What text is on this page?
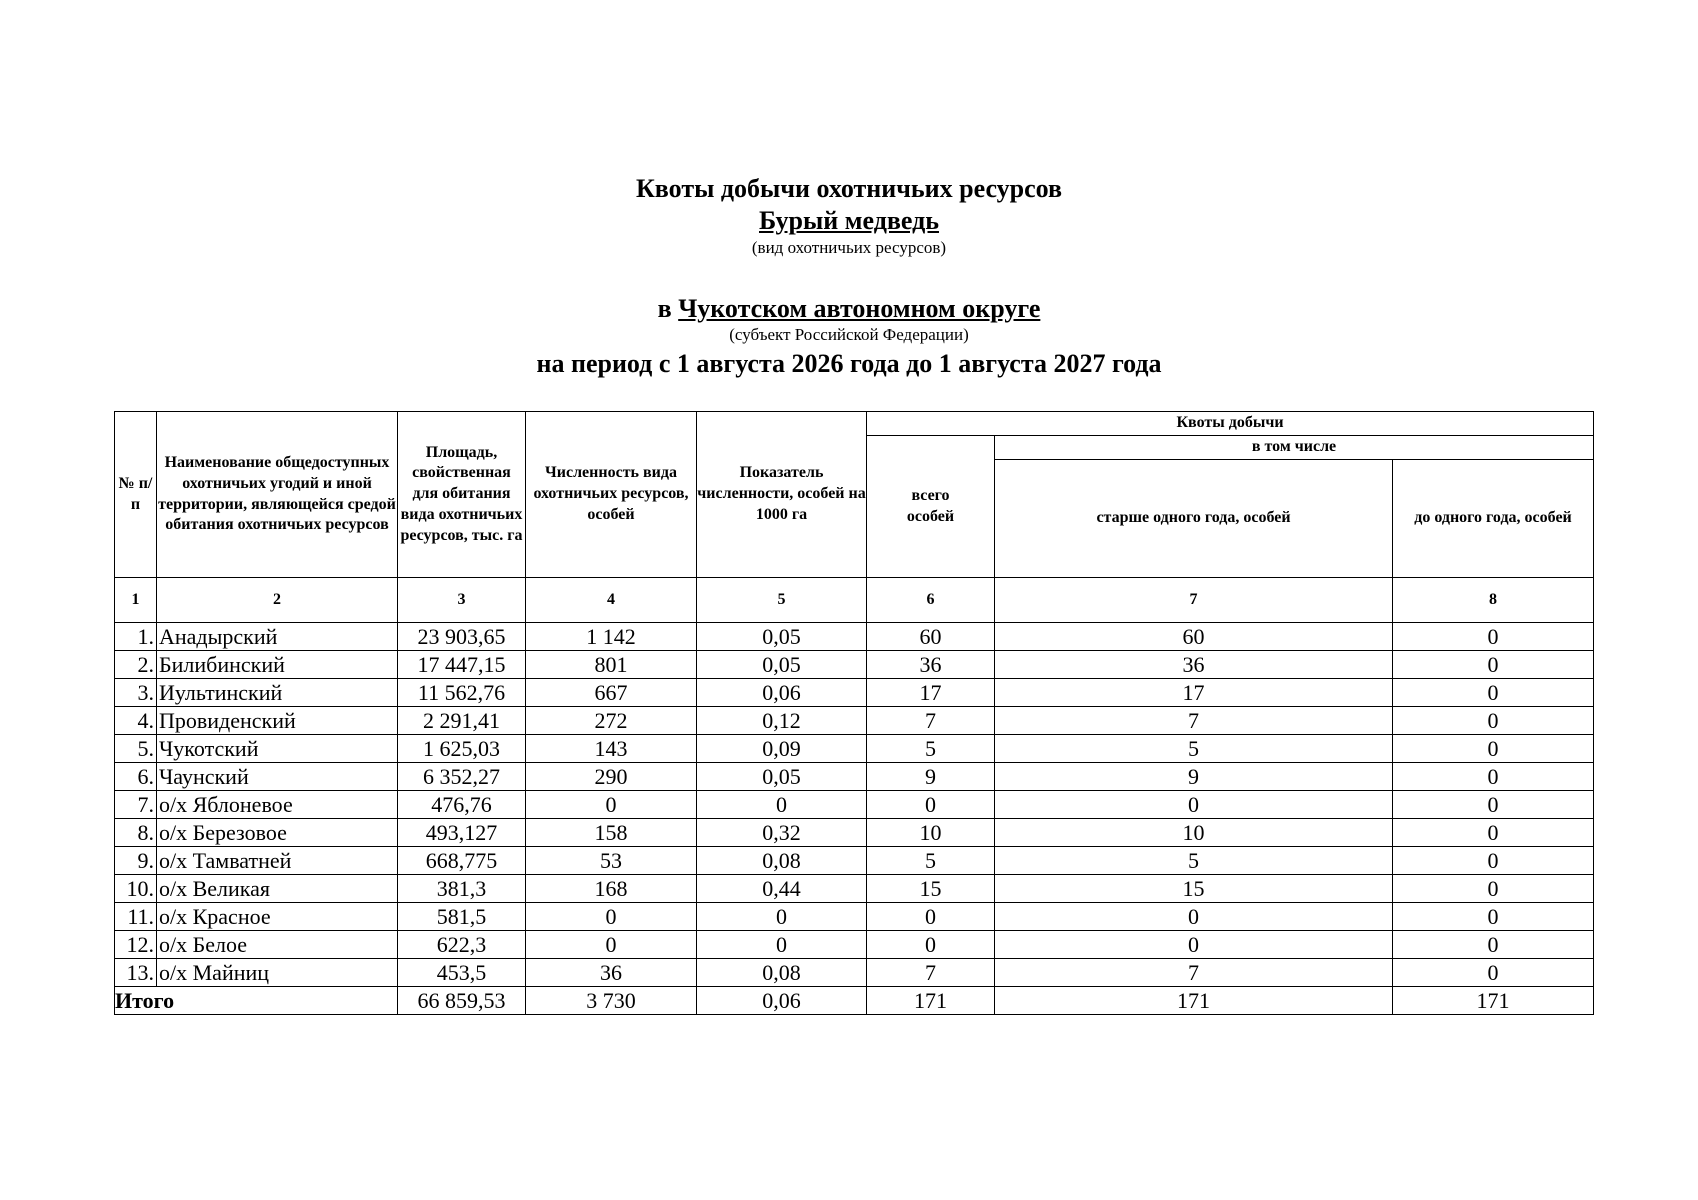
Квоты добычи охотничьих ресурсов
Бурый медведь
(вид охотничьих ресурсов)
в Чукотском автономном округе
(субъект Российской Федерации)
на период с 1 августа 2026 года до 1 августа 2027 года
№ п/п	Наименование общедоступных охотничьих угодий и иной территории, являющейся средой обитания охотничьих ресурсов	Площадь, свойственная для обитания вида охотничьих ресурсов, тыс. га	Численность вида охотничьих ресурсов, особей	Показатель численности, особей на 1000 га	Квоты добычи		
					всего особей	в том числе	
						старше одного года, особей	до одного года, особей
1	2	3	4	5	6	7	8
1.	Анадырский	23 903,65	1 142	0,05	60	60	0
2.	Билибинский	17 447,15	801	0,05	36	36	0
3.	Иультинский	11 562,76	667	0,06	17	17	0
4.	Провиденский	2 291,41	272	0,12	7	7	0
5.	Чукотский	1 625,03	143	0,09	5	5	0
6.	Чаунский	6 352,27	290	0,05	9	9	0
7.	о/х Яблоневое	476,76	0	0	0	0	0
8.	о/х Березовое	493,127	158	0,32	10	10	0
9.	о/х Тамватней	668,775	53	0,08	5	5	0
10.	о/х Великая	381,3	168	0,44	15	15	0
11.	о/х Красное	581,5	0	0	0	0	0
12.	о/х Белое	622,3	0	0	0	0	0
13.	о/х Майниц	453,5	36	0,08	7	7	0
Итого		66 859,53	3 730	0,06	171	171	171
